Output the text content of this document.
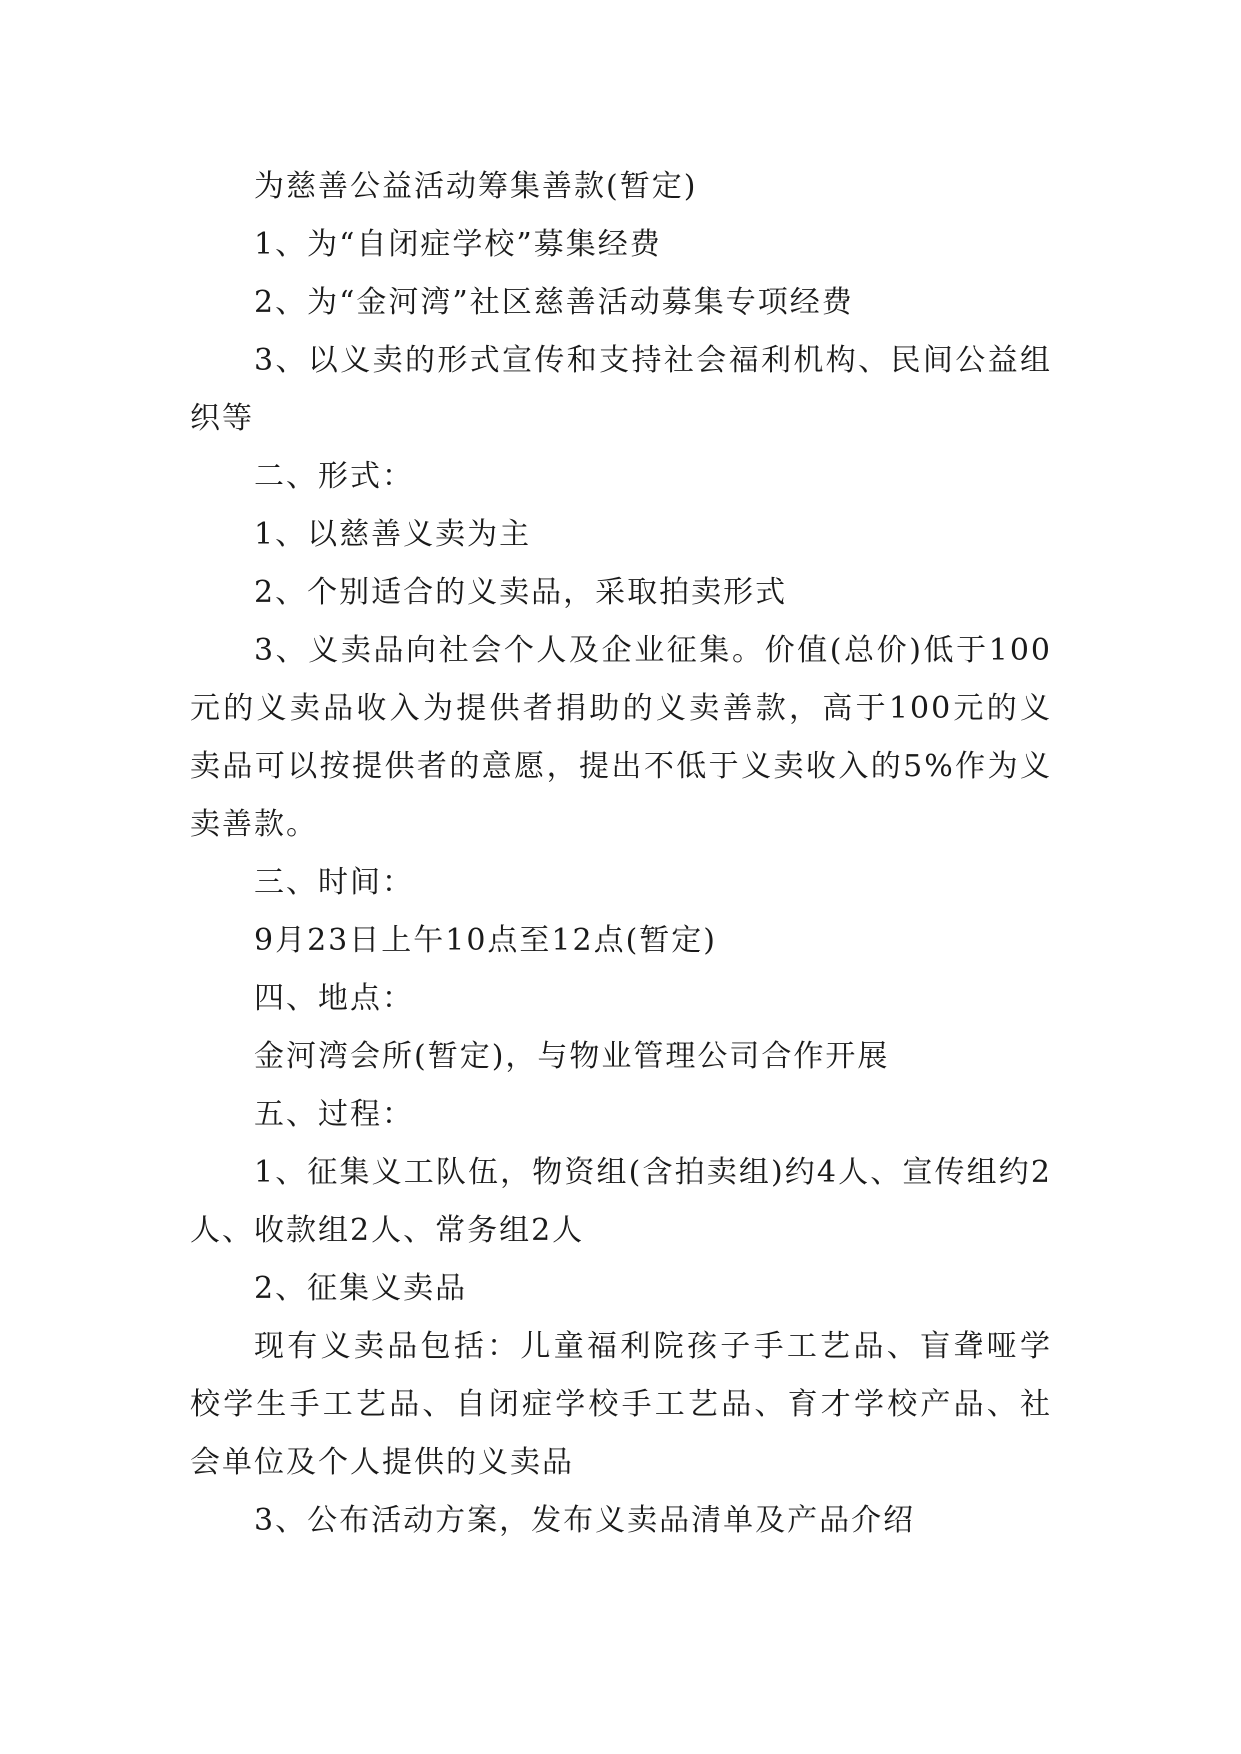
为慈善公益活动筹集善款(暂定)

1、为“自闭症学校”募集经费

2、为“金河湾”社区慈善活动募集专项经费

3、以义卖的形式宣传和支持社会福利机构、民间公益组织等

二、形式：

1、以慈善义卖为主

2、个别适合的义卖品，采取拍卖形式

3、义卖品向社会个人及企业征集。价值(总价)低于100元的义卖品收入为提供者捐助的义卖善款，高于100元的义卖品可以按提供者的意愿，提出不低于义卖收入的5%作为义卖善款。

三、时间：

9月23日上午10点至12点(暂定)

四、地点：

金河湾会所(暂定)，与物业管理公司合作开展

五、过程：

1、征集义工队伍，物资组(含拍卖组)约4人、宣传组约2人、收款组2人、常务组2人

2、征集义卖品

现有义卖品包括：儿童福利院孩子手工艺品、盲聋哑学校学生手工艺品、自闭症学校手工艺品、育才学校产品、社会单位及个人提供的义卖品

3、公布活动方案，发布义卖品清单及产品介绍
